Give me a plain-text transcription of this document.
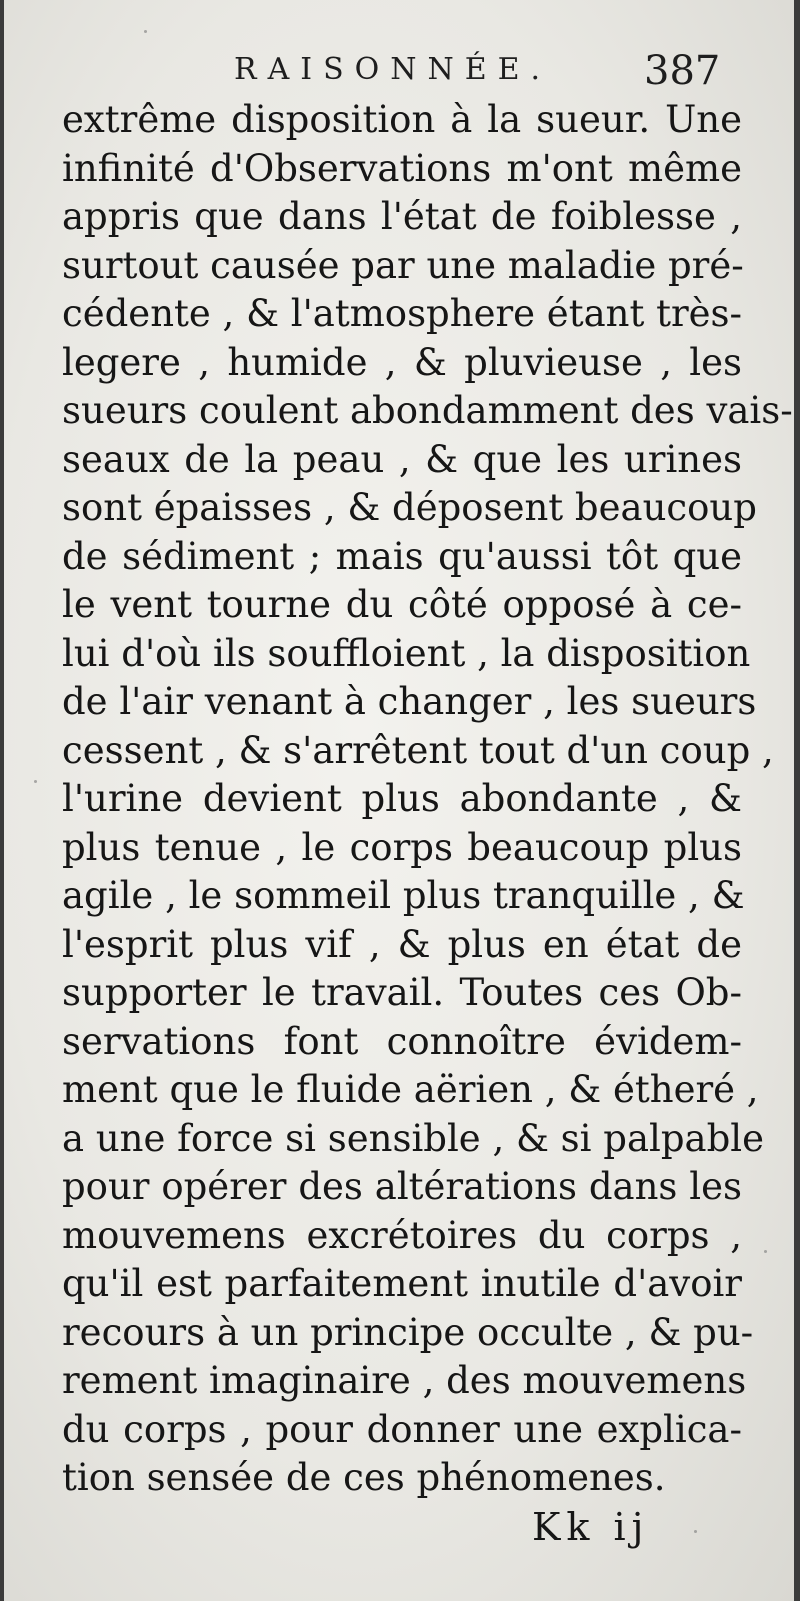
RAISONNÉE. 387
extrême disposition à la sueur. Une
infinité d'Observations m'ont même
appris que dans l'état de foiblesse ,
surtout causée par une maladie pré-
cédente , & l'atmosphere étant très-
legere , humide , & pluvieuse , les
sueurs coulent abondamment des vais-
seaux de la peau , & que les urines
sont épaisses , & déposent beaucoup
de sédiment ; mais qu'aussi tôt que
le vent tourne du côté opposé à ce-
lui d'où ils souffloient , la disposition
de l'air venant à changer , les sueurs
cessent , & s'arrêtent tout d'un coup ,
l'urine devient plus abondante , &
plus tenue , le corps beaucoup plus
agile , le sommeil plus tranquille , &
l'esprit plus vif , & plus en état de
supporter le travail. Toutes ces Ob-
servations font connoître évidem-
ment que le fluide aërien , & étheré ,
a une force si sensible , & si palpable
pour opérer des altérations dans les
mouvemens excrétoires du corps ,
qu'il est parfaitement inutile d'avoir
recours à un principe occulte , & pu-
rement imaginaire , des mouvemens
du corps , pour donner une explica-
tion sensée de ces phénomenes.
Kk ij
